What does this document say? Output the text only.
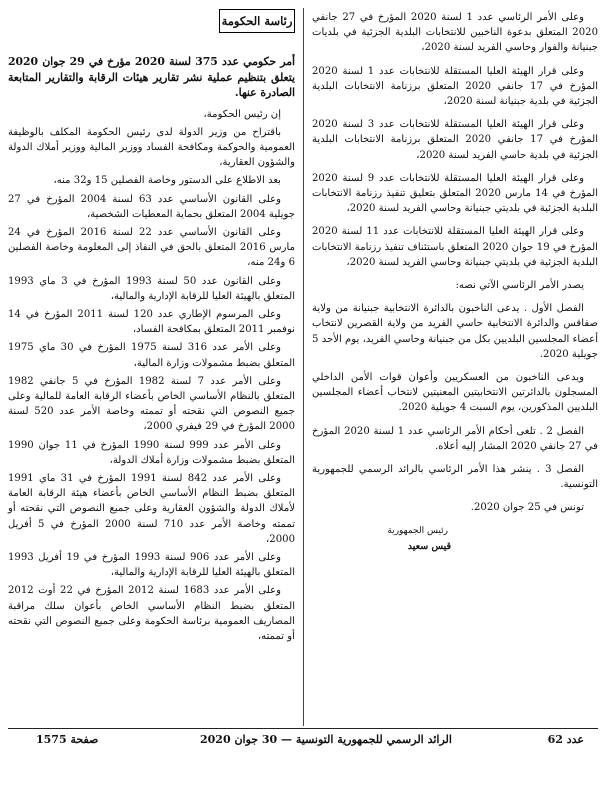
وعلى الأمر الرئاسي عدد 1 لسنة 2020 المؤرخ في 27 جانفي 2020 المتعلق بدعوة الناخبين للانتخابات البلدية الجزئية في بلديات جبنيانة والفوار وحاسي الفريد لسنة 2020،

وعلى قرار الهيئة العليا المستقلة للانتخابات عدد 1 لسنة 2020 المؤرخ في 17 جانفي 2020 المتعلق برزنامة الانتخابات البلدية الجزئية في بلدية جبنيانة لسنة 2020،

وعلى قرار الهيئة العليا المستقلة للانتخابات عدد 3 لسنة 2020 المؤرخ في 17 جانفي 2020 المتعلق برزنامة الانتخابات البلدية الجزئية في بلدية حاسي الفريد لسنة 2020،

وعلى قرار الهيئة العليا المستقلة للانتخابات عدد 9 لسنة 2020 المؤرخ في 14 مارس 2020 المتعلق بتعليق تنفيذ رزنامة الانتخابات البلدية الجزئية في بلديتي جبنيانة وحاسي الفريد لسنة 2020،

وعلى قرار الهيئة العليا المستقلة للانتخابات عدد 11 لسنة 2020 المؤرخ في 19 جوان 2020 المتعلق باستئناف تنفيذ رزنامة الانتخابات البلدية الجزئية في بلديتي جبنيانة وحاسي الفريد لسنة 2020،

يصدر الأمر الرئاسي الآتي نصه:

الفصل الأول . يدعى الناخبون بالدائرة الانتخابية جبنيانة من ولاية صفاقس والدائرة الانتخابية حاسي الفريد من ولاية القصرين لانتخاب أعضاء المجلسين البلديين بكل من جبنيانة وحاسي الفريد، يوم الأحد 5 جويلية 2020.

ويدعى الناخبون من العسكريين وأعوان قوات الأمن الداخلي المسجلون بالدائرتين الانتخابيتين المعنيتين لانتخاب أعضاء المجلسين البلديين المذكورين، يوم السبت 4 جويلية 2020.

الفصل 2 . تلغى أحكام الأمر الرئاسي عدد 1 لسنة 2020 المؤرخ في 27 جانفي 2020 المشار إليه أعلاه.

الفصل 3 . ينشر هذا الأمر الرئاسي بالرائد الرسمي للجمهورية التونسية.

تونس في 25 جوان 2020.

رئيس الجمهورية

قيس سعيد

رئاسة الحكومة

أمر حكومي عدد 375 لسنة 2020 مؤرخ في 29 جوان 2020 يتعلق بتنظيم عملية نشر تقارير هيئات الرقابة والتقارير المتابعة الصادرة عنها.

إن رئيس الحكومة،

باقتراح من وزير الدولة لدى رئيس الحكومة المكلف بالوظيفة العمومية والحوكمة ومكافحة الفساد ووزير المالية ووزير أملاك الدولة والشؤون العقارية،

بعد الاطلاع على الدستور وخاصة الفصلين 15 و32 منه،

وعلى القانون الأساسي عدد 63 لسنة 2004 المؤرخ في 27 جويلية 2004 المتعلق بحماية المعطيات الشخصية،

وعلى القانون الأساسي عدد 22 لسنة 2016 المؤرخ في 24 مارس 2016 المتعلق بالحق في النفاذ إلى المعلومة وخاصة الفصلين 6 و24 منه،

وعلى القانون عدد 50 لسنة 1993 المؤرخ في 3 ماي 1993 المتعلق بالهيئة العليا للرقابة الإدارية والمالية،

وعلى المرسوم الإطاري عدد 120 لسنة 2011 المؤرخ في 14 نوفمبر 2011 المتعلق بمكافحة الفساد،

وعلى الأمر عدد 316 لسنة 1975 المؤرخ في 30 ماي 1975 المتعلق بضبط مشمولات وزارة المالية،

وعلى الأمر عدد 7 لسنة 1982 المؤرخ في 5 جانفي 1982 المتعلق بالنظام الأساسي الخاص بأعضاء الرقابة العامة للمالية وعلى جميع النصوص التي نقحته أو تممته وخاصة الأمر عدد 520 لسنة 2000 المؤرخ في 29 فيفري 2000،

وعلى الأمر عدد 999 لسنة 1990 المؤرخ في 11 جوان 1990 المتعلق بضبط مشمولات وزارة أملاك الدولة،

وعلى الأمر عدد 842 لسنة 1991 المؤرخ في 31 ماي 1991 المتعلق بضبط النظام الأساسي الخاص بأعضاء هيئة الرقابة العامة لأملاك الدولة والشؤون العقارية وعلى جميع النصوص التي نقحته أو تممته وخاصة الأمر عدد 710 لسنة 2000 المؤرخ في 5 أفريل 2000،

وعلى الأمر عدد 906 لسنة 1993 المؤرخ في 19 أفريل 1993 المتعلق بالهيئة العليا للرقابة الإدارية والمالية،

وعلى الأمر عدد 1683 لسنة 2012 المؤرخ في 22 أوت 2012 المتعلق بضبط النظام الأساسي الخاص بأعوان سلك مراقبة المصاريف العمومية برئاسة الحكومة وعلى جميع النصوص التي نقحته أو تممته،

صفحة 1575	الرائد الرسمي للجمهورية التونسية — 30 جوان 2020	عدد 62
